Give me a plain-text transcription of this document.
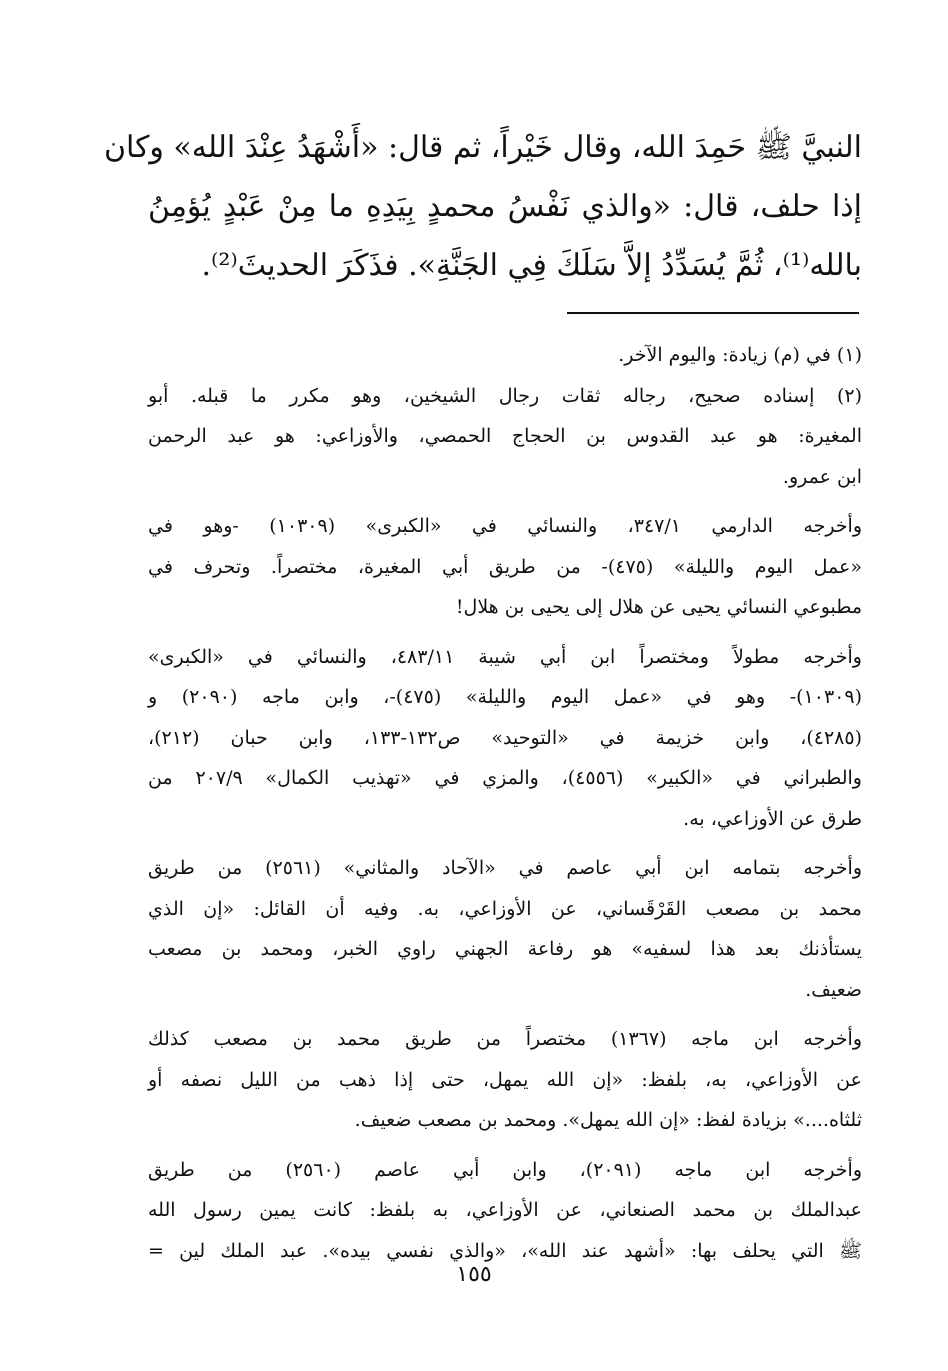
النبيَّ ﷺ حَمِدَ الله، وقال خَيْراً، ثم قال: «أَشْهَدُ عِنْدَ الله» وكان
إذا حلف، قال: «والذي نَفْسُ محمدٍ بِيَدِهِ ما مِنْ عَبْدٍ يُؤمِنُ
بالله⁽¹⁾، ثُمَّ يُسَدِّدُ إلاَّ سَلَكَ فِي الجَنَّةِ». فذَكَرَ الحديثَ⁽²⁾.
(١) في (م) زيادة: واليوم الآخر.
(٢) إسناده صحيح، رجاله ثقات رجال الشيخين، وهو مكرر ما قبله. أبو
المغيرة: هو عبد القدوس بن الحجاج الحمصي، والأوزاعي: هو عبد الرحمن
ابن عمرو.
وأخرجه الدارمي ٣٤٧/١، والنسائي في «الكبرى» (١٠٣٠٩) -وهو في
«عمل اليوم والليلة» (٤٧٥)- من طريق أبي المغيرة، مختصراً. وتحرف في
مطبوعي النسائي يحيى عن هلال إلى يحيى بن هلال!
وأخرجه مطولاً ومختصراً ابن أبي شيبة ٤٨٣/١١، والنسائي في «الكبرى»
(١٠٣٠٩)- وهو في «عمل اليوم والليلة» (٤٧٥)-، وابن ماجه (٢٠٩٠) و
(٤٢٨٥)، وابن خزيمة في «التوحيد» ص١٣٢-١٣٣، وابن حبان (٢١٢)،
والطبراني في «الكبير» (٤٥٥٦)، والمزي في «تهذيب الكمال» ٢٠٧/٩ من
طرق عن الأوزاعي، به.
وأخرجه بتمامه ابن أبي عاصم في «الآحاد والمثاني» (٢٥٦١) من طريق
محمد بن مصعب القَرْقَساني، عن الأوزاعي، به. وفيه أن القائل: «إن الذي
يستأذنك بعد هذا لسفيه» هو رفاعة الجهني راوي الخبر، ومحمد بن مصعب
ضعيف.
وأخرجه ابن ماجه (١٣٦٧) مختصراً من طريق محمد بن مصعب كذلك
عن الأوزاعي، به، بلفظ: «إن الله يمهل، حتى إذا ذهب من الليل نصفه أو
ثلثاه....» بزيادة لفظ: «إن الله يمهل». ومحمد بن مصعب ضعيف.
وأخرجه ابن ماجه (٢٠٩١)، وابن أبي عاصم (٢٥٦٠) من طريق
عبدالملك بن محمد الصنعاني، عن الأوزاعي، به بلفظ: كانت يمين رسول الله
ﷺ التي يحلف بها: «أشهد عند الله»، «والذي نفسي بيده». عبد الملك لين =
١٥٥
